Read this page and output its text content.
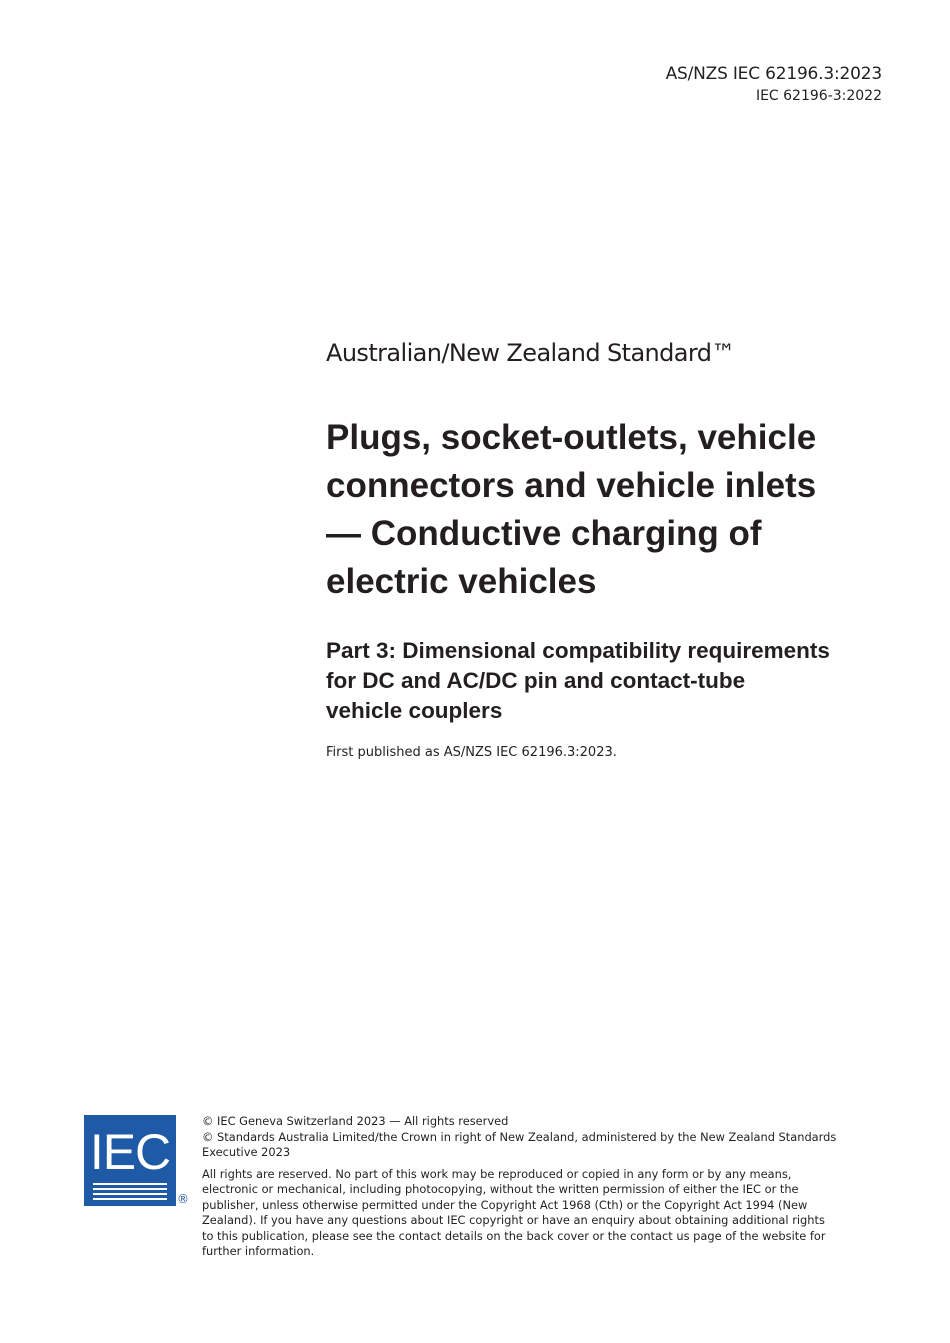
AS/NZS IEC 62196.3:2023
IEC 62196-3:2022

Australian/New Zealand Standard™

Plugs, socket-outlets, vehicle
connectors and vehicle inlets
— Conductive charging of
electric vehicles
Part 3: Dimensional compatibility requirements
for DC and AC/DC pin and contact-tube
vehicle couplers

First published as AS/NZS IEC 62196.3:2023.

IEC
®

© IEC Geneva Switzerland 2023 — All rights reserved

© Standards Australia Limited/the Crown in right of New Zealand, administered by the New Zealand Standards

Executive 2023

All rights are reserved. No part of this work may be reproduced or copied in any form or by any means,

electronic or mechanical, including photocopying, without the written permission of either the IEC or the

publisher, unless otherwise permitted under the Copyright Act 1968 (Cth) or the Copyright Act 1994 (New

Zealand). If you have any questions about IEC copyright or have an enquiry about obtaining additional rights

to this publication, please see the contact details on the back cover or the contact us page of the website for

further information.
